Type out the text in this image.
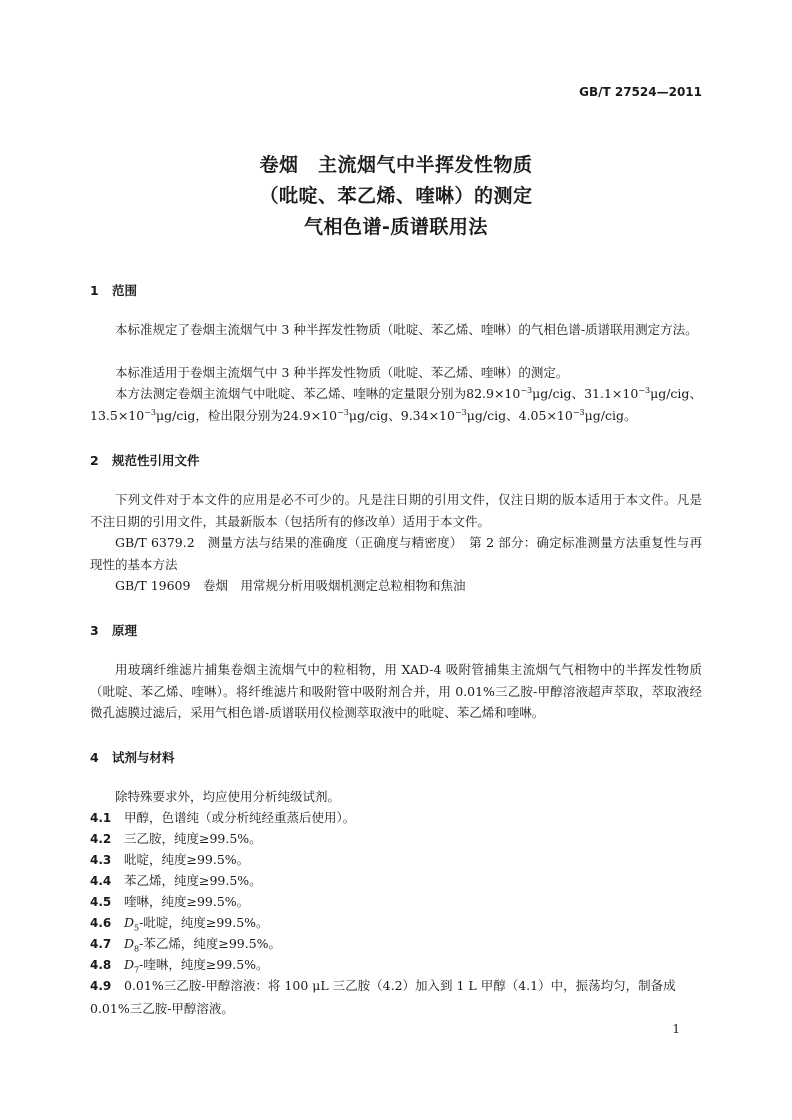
GB/T 27524—2011
卷烟　主流烟气中半挥发性物质
（吡啶、苯乙烯、喹啉）的测定
气相色谱-质谱联用法
1 范围
本标准规定了卷烟主流烟气中 3 种半挥发性物质（吡啶、苯乙烯、喹啉）的气相色谱-质谱联用测定方法。
本标准适用于卷烟主流烟气中 3 种半挥发性物质（吡啶、苯乙烯、喹啉）的测定。
本方法测定卷烟主流烟气中吡啶、苯乙烯、喹啉的定量限分别为$82.9\times 10^{-3}\mu g$/cig、$31.1\times 10^{-3}\mu g$/cig、$13.5\times 10^{-3}\mu g$/cig，检出限分别为$24.9\times 10^{-3}\mu g$/cig、$9.34\times 10^{-3}\mu g$/cig、$4.05\times 10^{-3}\mu g$/cig。
2 规范性引用文件
下列文件对于本文件的应用是必不可少的。凡是注日期的引用文件，仅注日期的版本适用于本文件。凡是不注日期的引用文件，其最新版本（包括所有的修改单）适用于本文件。
GB/T 6379.2　测量方法与结果的准确度（正确度与精密度）　第 2 部分：确定标准测量方法重复性与再现性的基本方法
GB/T 19609　卷烟　用常规分析用吸烟机测定总粒相物和焦油
3 原理
用玻璃纤维滤片捕集卷烟主流烟气中的粒相物，用 XAD-4 吸附管捕集主流烟气气相物中的半挥发性物质（吡啶、苯乙烯、喹啉）。将纤维滤片和吸附管中吸附剂合并，用 0.01%三乙胺-甲醇溶液超声萃取，萃取液经微孔滤膜过滤后，采用气相色谱-质谱联用仪检测萃取液中的吡啶、苯乙烯和喹啉。
4 试剂与材料
除特殊要求外，均应使用分析纯级试剂。
4.1 甲醇，色谱纯（或分析纯经重蒸后使用）。
4.2 三乙胺，纯度≥99.5%。
4.3 吡啶，纯度≥99.5%。
4.4 苯乙烯，纯度≥99.5%。
4.5 喹啉，纯度≥99.5%。
4.6 $D_5-$吡啶，纯度≥99.5%。
4.7 $D_8-$苯乙烯，纯度≥99.5%。
4.8 $D_7-$喹啉，纯度≥99.5%。
4.9 0.01%三乙胺-甲醇溶液：将 100 μL 三乙胺（4.2）加入到 1 L 甲醇（4.1）中，振荡均匀，制备成 0.01%三乙胺-甲醇溶液。
1
